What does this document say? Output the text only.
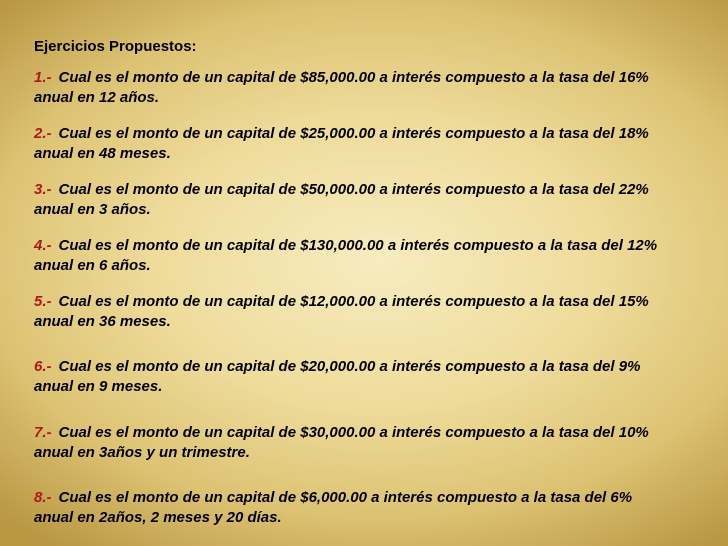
Ejercicios Propuestos:
1.- Cual es el monto de un capital de $85,000.00 a interés compuesto a la tasa del 16%
anual en 12 años.
2.- Cual es el monto de un capital de $25,000.00 a interés compuesto a la tasa del 18%
anual en 48 meses.
3.- Cual es el monto de un capital de $50,000.00 a interés compuesto a la tasa del 22%
anual en 3 años.
4.- Cual es el monto de un capital de $130,000.00 a interés compuesto a la tasa del 12%
anual en 6 años.
5.- Cual es el monto de un capital de $12,000.00 a interés compuesto a la tasa del 15%
anual en 36 meses.
6.- Cual es el monto de un capital de $20,000.00 a interés compuesto a la tasa del 9%
anual en 9 meses.
7.- Cual es el monto de un capital de $30,000.00 a interés compuesto a la tasa del 10%
anual en 3años y un trimestre.
8.- Cual es el monto de un capital de $6,000.00 a interés compuesto a la tasa del 6%
anual en 2años, 2 meses y 20 días.
